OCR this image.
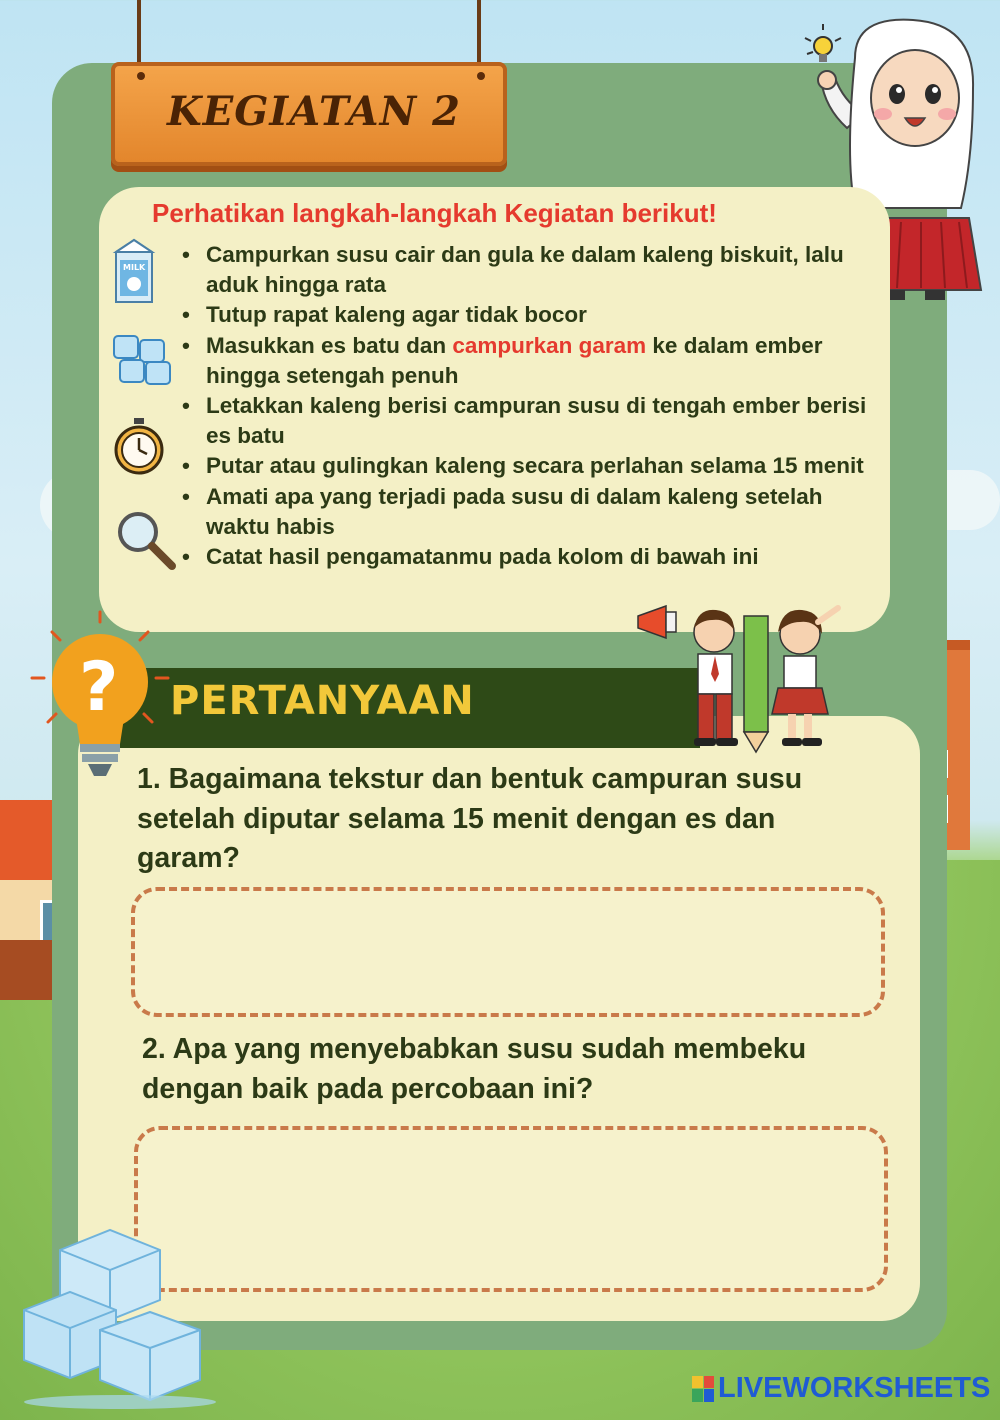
KEGIATAN 2
Perhatikan langkah-langkah Kegiatan berikut!
• Campurkan susu cair dan gula ke dalam kaleng biskuit, lalu aduk hingga rata
• Tutup rapat kaleng agar tidak bocor
• Masukkan es batu dan campurkan garam ke dalam ember hingga setengah penuh
• Letakkan kaleng berisi campuran susu di tengah ember berisi es batu
• Putar atau gulingkan kaleng secara perlahan selama 15 menit
• Amati apa yang terjadi pada susu di dalam kaleng setelah waktu habis
• Catat hasil pengamatanmu pada kolom di bawah ini
MILK
PERTANYAAN
?
1. Bagaimana tekstur dan bentuk campuran susu setelah diputar selama 15 menit dengan es dan garam?
2. Apa yang menyebabkan susu sudah membeku dengan baik pada percobaan ini?
LIVEWORKSHEETS
